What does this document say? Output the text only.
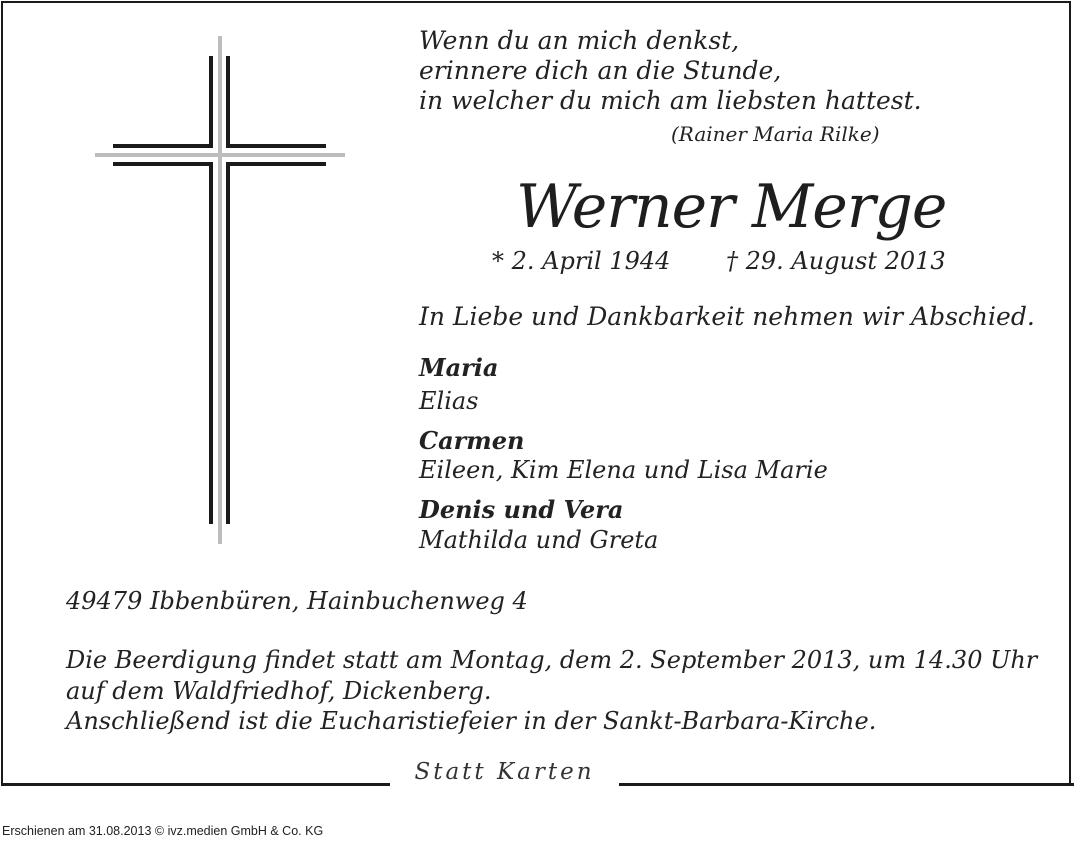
Statt Karten
Wenn du an mich denkst,
erinnere dich an die Stunde,
in welcher du mich am liebsten hattest.
(Rainer Maria Rilke)
Werner Merge
* 2. April 1944 † 29. August 2013
In Liebe und Dankbarkeit nehmen wir Abschied.
Maria
Elias
Carmen
Eileen, Kim Elena und Lisa Marie
Denis und Vera
Mathilda und Greta
49479 Ibbenbüren, Hainbuchenweg 4
Die Beerdigung findet statt am Montag, dem 2. September 2013, um 14.30 Uhr
auf dem Waldfriedhof, Dickenberg.
Anschließend ist die Eucharistiefeier in der Sankt-Barbara-Kirche.
Erschienen am 31.08.2013 © ivz.medien GmbH & Co. KG
